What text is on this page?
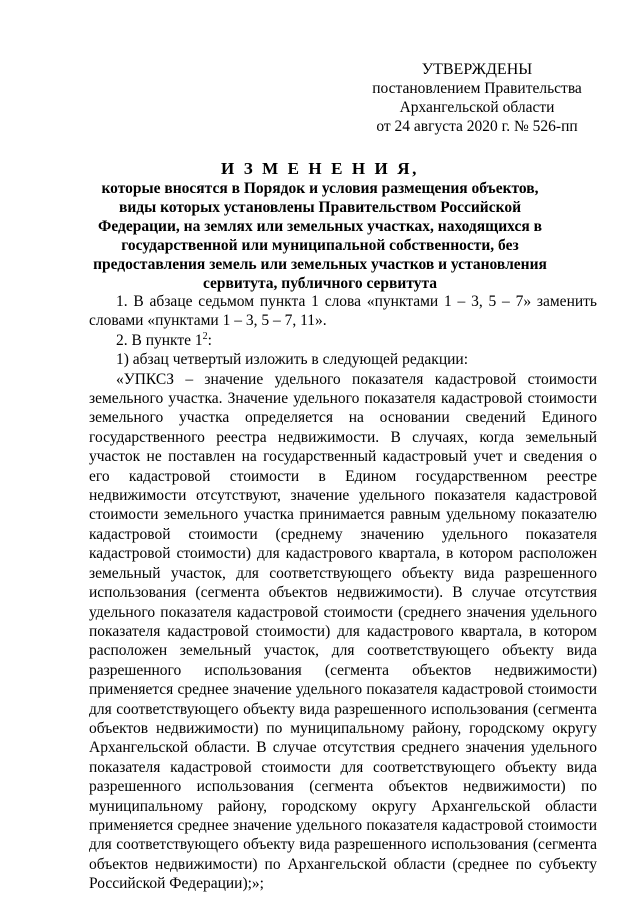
УТВЕРЖДЕНЫ
постановлением Правительства
Архангельской области
от 24 августа 2020 г. № 526-пп
И З М Е Н Е Н И Я,
которые вносятся в Порядок и условия размещения объектов, виды которых установлены Правительством Российской Федерации, на землях или земельных участках, находящихся в государственной или муниципальной собственности, без предоставления земель или земельных участков и установления сервитута, публичного сервитута

1. В абзаце седьмом пункта 1 слова «пунктами 1 – 3, 5 – 7» заменить словами «пунктами 1 – 3, 5 – 7, 11».

2. В пункте $1^2$:

1) абзац четвертый изложить в следующей редакции:

«УПКСЗ – значение удельного показателя кадастровой стоимости земельного участка. Значение удельного показателя кадастровой стоимости земельного участка определяется на основании сведений Единого государственного реестра недвижимости. В случаях, когда земельный участок не поставлен на государственный кадастровый учет и сведения о его кадастровой стоимости в Едином государственном реестре недвижимости отсутствуют, значение удельного показателя кадастровой стоимости земельного участка принимается равным удельному показателю кадастровой стоимости (среднему значению удельного показателя кадастровой стоимости) для кадастрового квартала, в котором расположен земельный участок, для соответствующего объекту вида разрешенного использования (сегмента объектов недвижимости). В случае отсутствия удельного показателя кадастровой стоимости (среднего значения удельного показателя кадастровой стоимости) для кадастрового квартала, в котором расположен земельный участок, для соответствующего объекту вида разрешенного использования (сегмента объектов недвижимости) применяется среднее значение удельного показателя кадастровой стоимости для соответствующего объекту вида разрешенного использования (сегмента объектов недвижимости) по муниципальному району, городскому округу Архангельской области. В случае отсутствия среднего значения удельного показателя кадастровой стоимости для соответствующего объекту вида разрешенного использования (сегмента объектов недвижимости) по муниципальному району, городскому округу Архангельской области применяется среднее значение удельного показателя кадастровой стоимости для соответствующего объекту вида разрешенного использования (сегмента объектов недвижимости) по Архангельской области (среднее по субъекту Российской Федерации);»;
